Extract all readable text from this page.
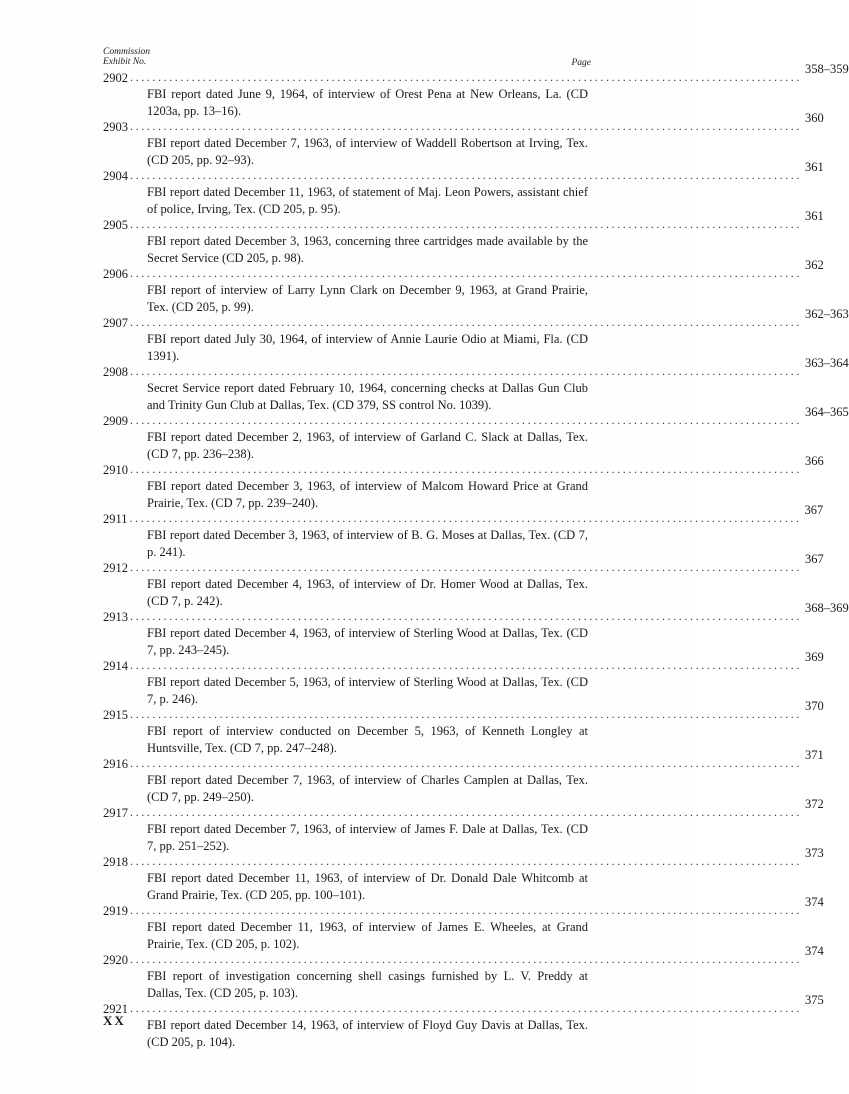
Commission
Exhibit No.	Page
2902 ........................................................................................................................
358–359
FBI report dated June 9, 1964, of interview of Orest Pena at New Orleans, La. (CD 1203a, pp. 13–16).
2903 ........................................................................................................................
360
FBI report dated December 7, 1963, of interview of Waddell Robertson at Irving, Tex. (CD 205, pp. 92–93).
2904 ........................................................................................................................
361
FBI report dated December 11, 1963, of statement of Maj. Leon Powers, assistant chief of police, Irving, Tex. (CD 205, p. 95).
2905 ........................................................................................................................
361
FBI report dated December 3, 1963, concerning three cartridges made available by the Secret Service (CD 205, p. 98).
2906 ........................................................................................................................
362
FBI report of interview of Larry Lynn Clark on December 9, 1963, at Grand Prairie, Tex. (CD 205, p. 99).
2907 ........................................................................................................................
362–363
FBI report dated July 30, 1964, of interview of Annie Laurie Odio at Miami, Fla. (CD 1391).
2908 ........................................................................................................................
363–364
Secret Service report dated February 10, 1964, concerning checks at Dallas Gun Club and Trinity Gun Club at Dallas, Tex. (CD 379, SS control No. 1039).
2909 ........................................................................................................................
364–365
FBI report dated December 2, 1963, of interview of Garland C. Slack at Dallas, Tex. (CD 7, pp. 236–238).
2910 ........................................................................................................................
366
FBI report dated December 3, 1963, of interview of Malcom Howard Price at Grand Prairie, Tex. (CD 7, pp. 239–240).
2911 ........................................................................................................................
367
FBI report dated December 3, 1963, of interview of B. G. Moses at Dallas, Tex. (CD 7, p. 241).
2912 ........................................................................................................................
367
FBI report dated December 4, 1963, of interview of Dr. Homer Wood at Dallas, Tex. (CD 7, p. 242).
2913 ........................................................................................................................
368–369
FBI report dated December 4, 1963, of interview of Sterling Wood at Dallas, Tex. (CD 7, pp. 243–245).
2914 ........................................................................................................................
369
FBI report dated December 5, 1963, of interview of Sterling Wood at Dallas, Tex. (CD 7, p. 246).
2915 ........................................................................................................................
370
FBI report of interview conducted on December 5, 1963, of Kenneth Longley at Huntsville, Tex. (CD 7, pp. 247–248).
2916 ........................................................................................................................
371
FBI report dated December 7, 1963, of interview of Charles Camplen at Dallas, Tex. (CD 7, pp. 249–250).
2917 ........................................................................................................................
372
FBI report dated December 7, 1963, of interview of James F. Dale at Dallas, Tex. (CD 7, pp. 251–252).
2918 ........................................................................................................................
373
FBI report dated December 11, 1963, of interview of Dr. Donald Dale Whitcomb at Grand Prairie, Tex. (CD 205, pp. 100–101).
2919 ........................................................................................................................
374
FBI report dated December 11, 1963, of interview of James E. Wheeles, at Grand Prairie, Tex. (CD 205, p. 102).
2920 ........................................................................................................................
374
FBI report of investigation concerning shell casings furnished by L. V. Preddy at Dallas, Tex. (CD 205, p. 103).
2921 ........................................................................................................................
375
FBI report dated December 14, 1963, of interview of Floyd Guy Davis at Dallas, Tex. (CD 205, p. 104).
XX
